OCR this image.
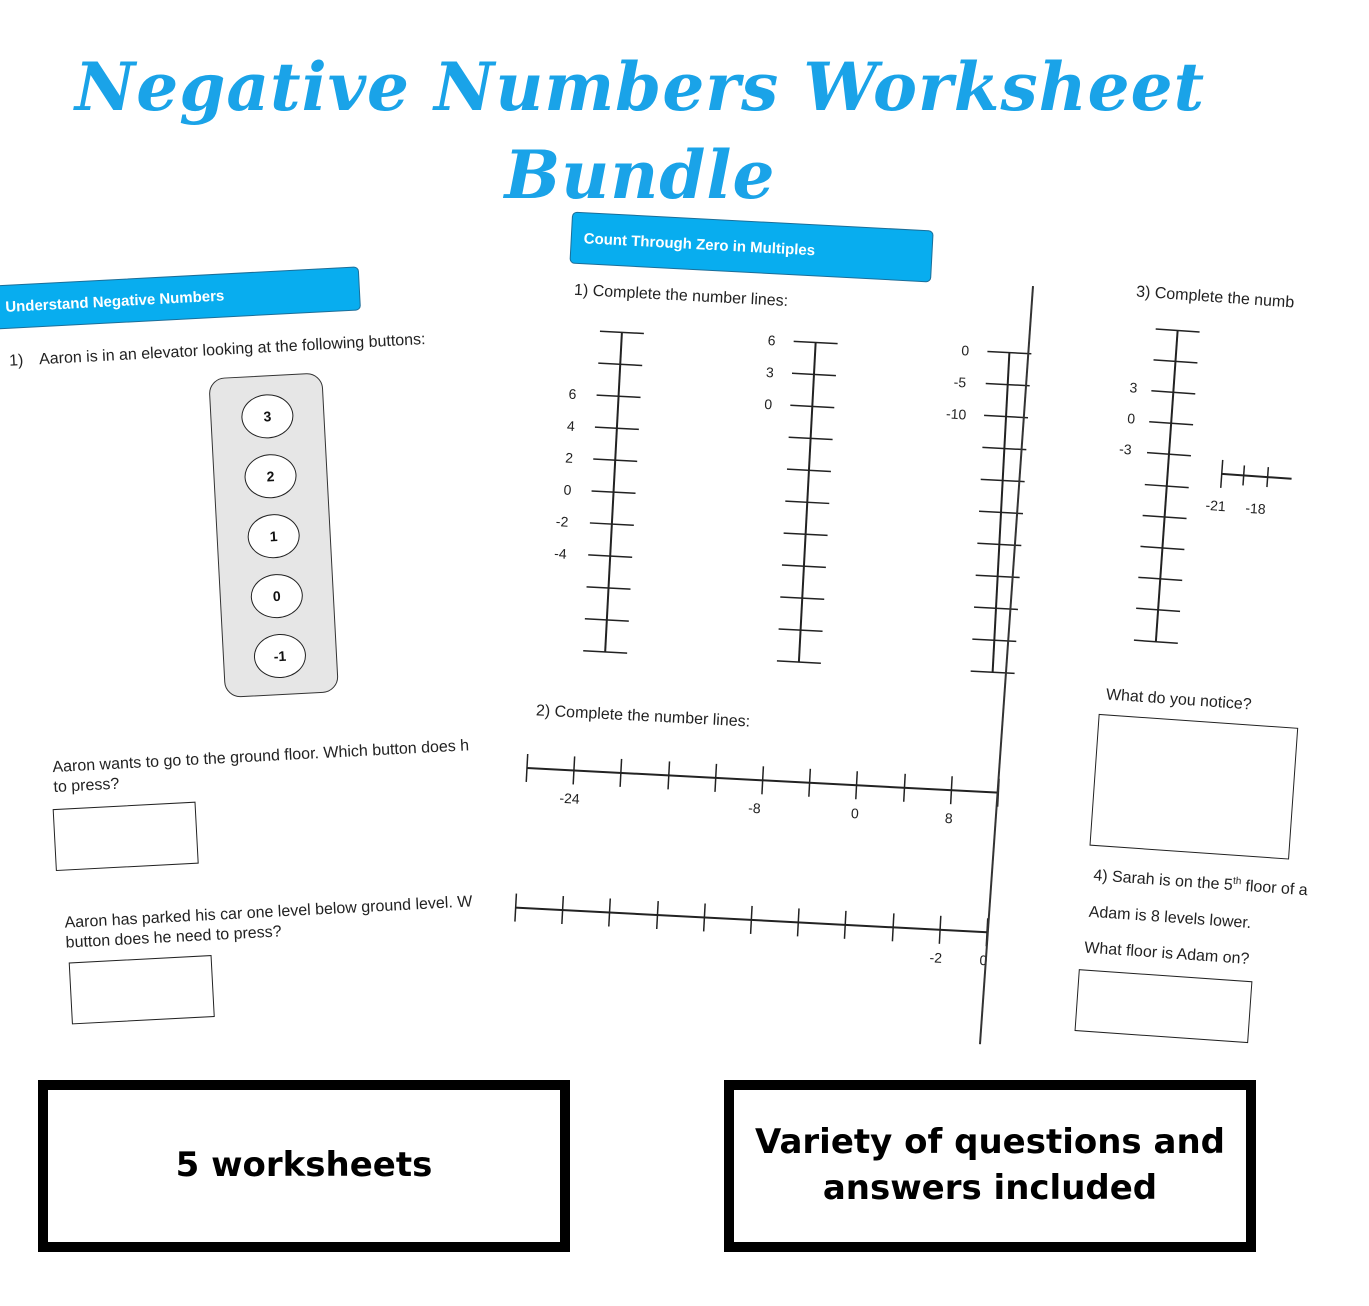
Negative Numbers Worksheet
Bundle
Understand Negative Numbers
1) Aaron is in an elevator looking at the following buttons:
3
2
1
0
-1
Aaron wants to go to the ground floor. Which button does h
to press?
Aaron has parked his car one level below ground level. W
button does he need to press?
Count Through Zero in Multiples
1) Complete the number lines:
6
4
2
0
-2
-4
6
3
0
0
-5
-10
2) Complete the number lines:
-24
-8	0	8
-2	0
3) Complete the numb
3
0
-3
-21 -18
What do you notice?
4) Sarah is on the 5th floor of a
Adam is 8 levels lower.
What floor is Adam on?
5 worksheets
Variety of questions and
answers included
